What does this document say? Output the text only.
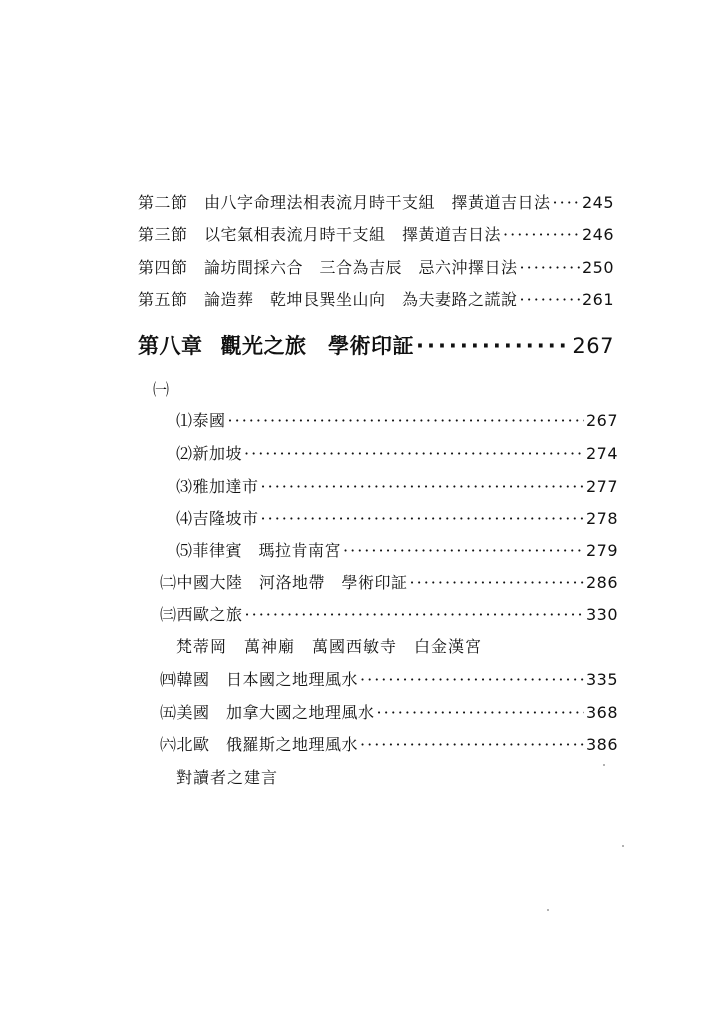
第二節	由八字命理法相表流月時干支組　擇黃道吉日法 ····· 245
第三節	以宅氣相表流月時干支組　擇黃道吉日法 ·····	246
第四節	論坊間採六合　三合為吉辰　忌六沖擇日法 ·····	250
第五節	論造葬　乾坤艮巽坐山向　為夫妻路之謊說 ·····	261
第八章 觀光之旅　學術印証 ·····	267
㈠
⑴泰國 ·····	267
⑵新加坡 ·····	274
⑶雅加達市 ·····	277
⑷吉隆坡市 ·····	278
⑸菲律賓　瑪拉肯南宮 ·····	279
㈡中國大陸　河洛地帶　學術印証 ·····	286
㈢西歐之旅 ·····	330
梵蒂岡　萬神廟　萬國西敏寺　白金漢宮
㈣韓國　日本國之地理風水 ·····	335
㈤美國　加拿大國之地理風水 ·····	368
㈥北歐　俄羅斯之地理風水 ·····	386
對讀者之建言
